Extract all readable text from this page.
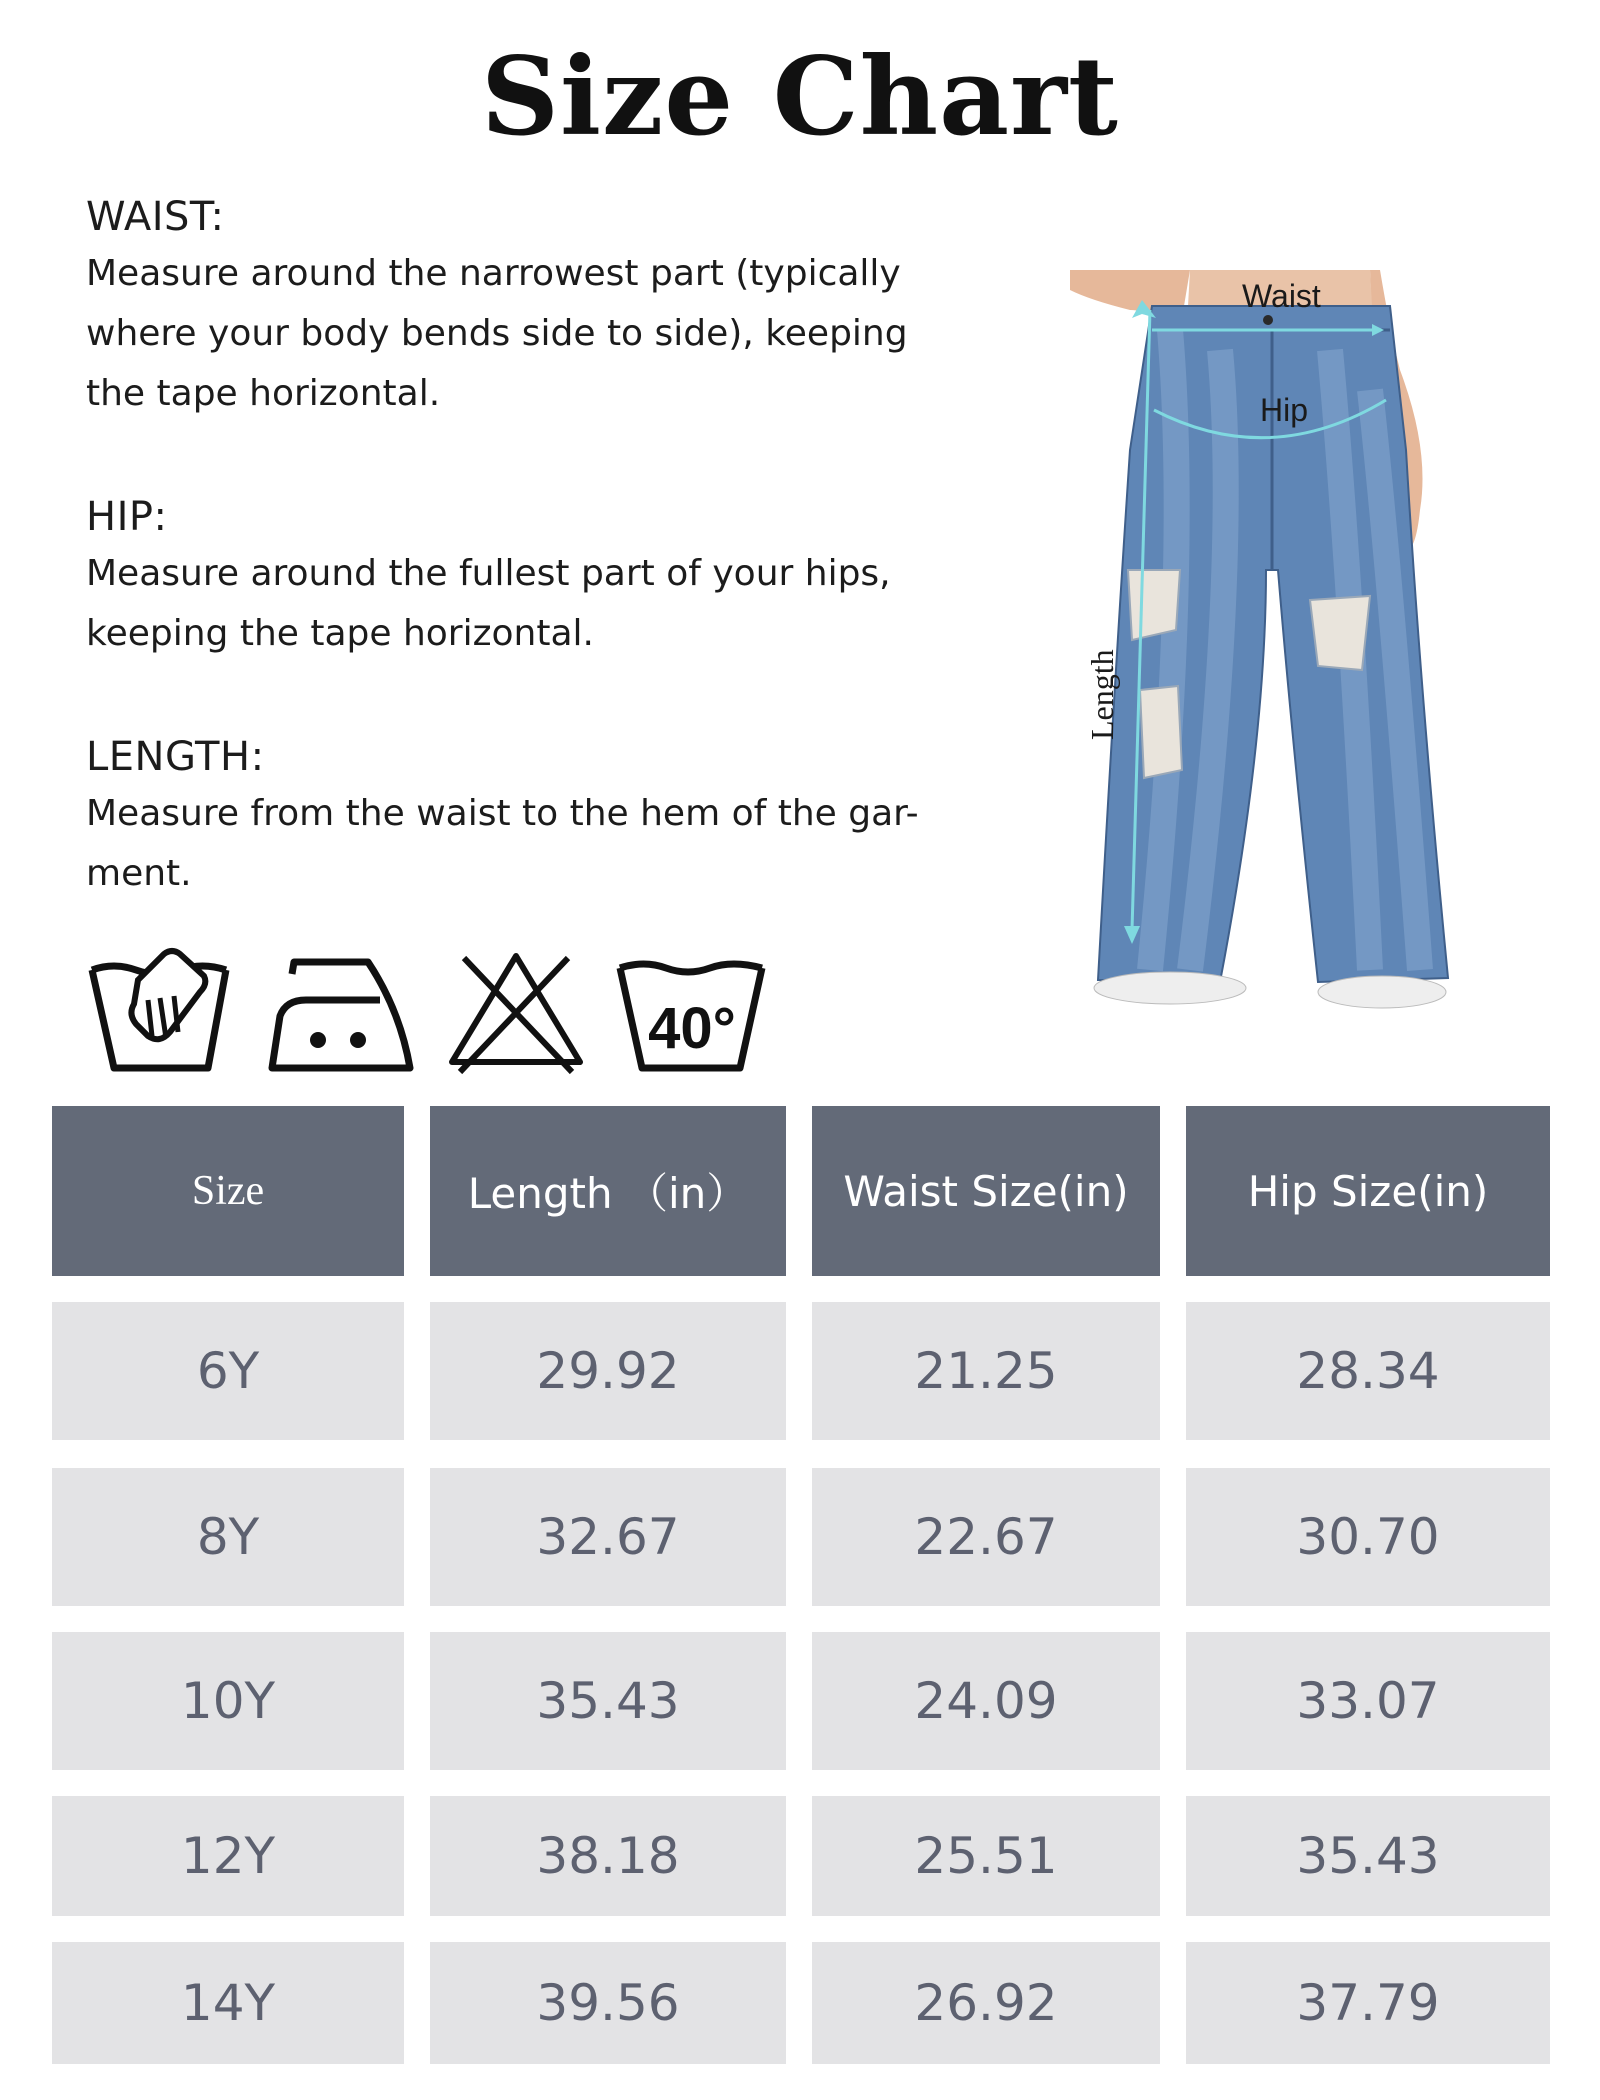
Size Chart
WAIST:

Measure around the narrowest part (typically where your body bends side to side), keeping the tape horizontal.

HIP:

Measure around the fullest part of your hips, keeping the tape horizontal.

LENGTH:

Measure from the waist to the hem of the gar- ment.

40°
Waist
Hip
Length
Size	Length （in）	Waist Size(in)	Hip Size(in)
6Y	29.92	21.25	28.34
8Y	32.67	22.67	30.70
10Y	35.43	24.09	33.07
12Y	38.18	25.51	35.43
14Y	39.56	26.92	37.79
